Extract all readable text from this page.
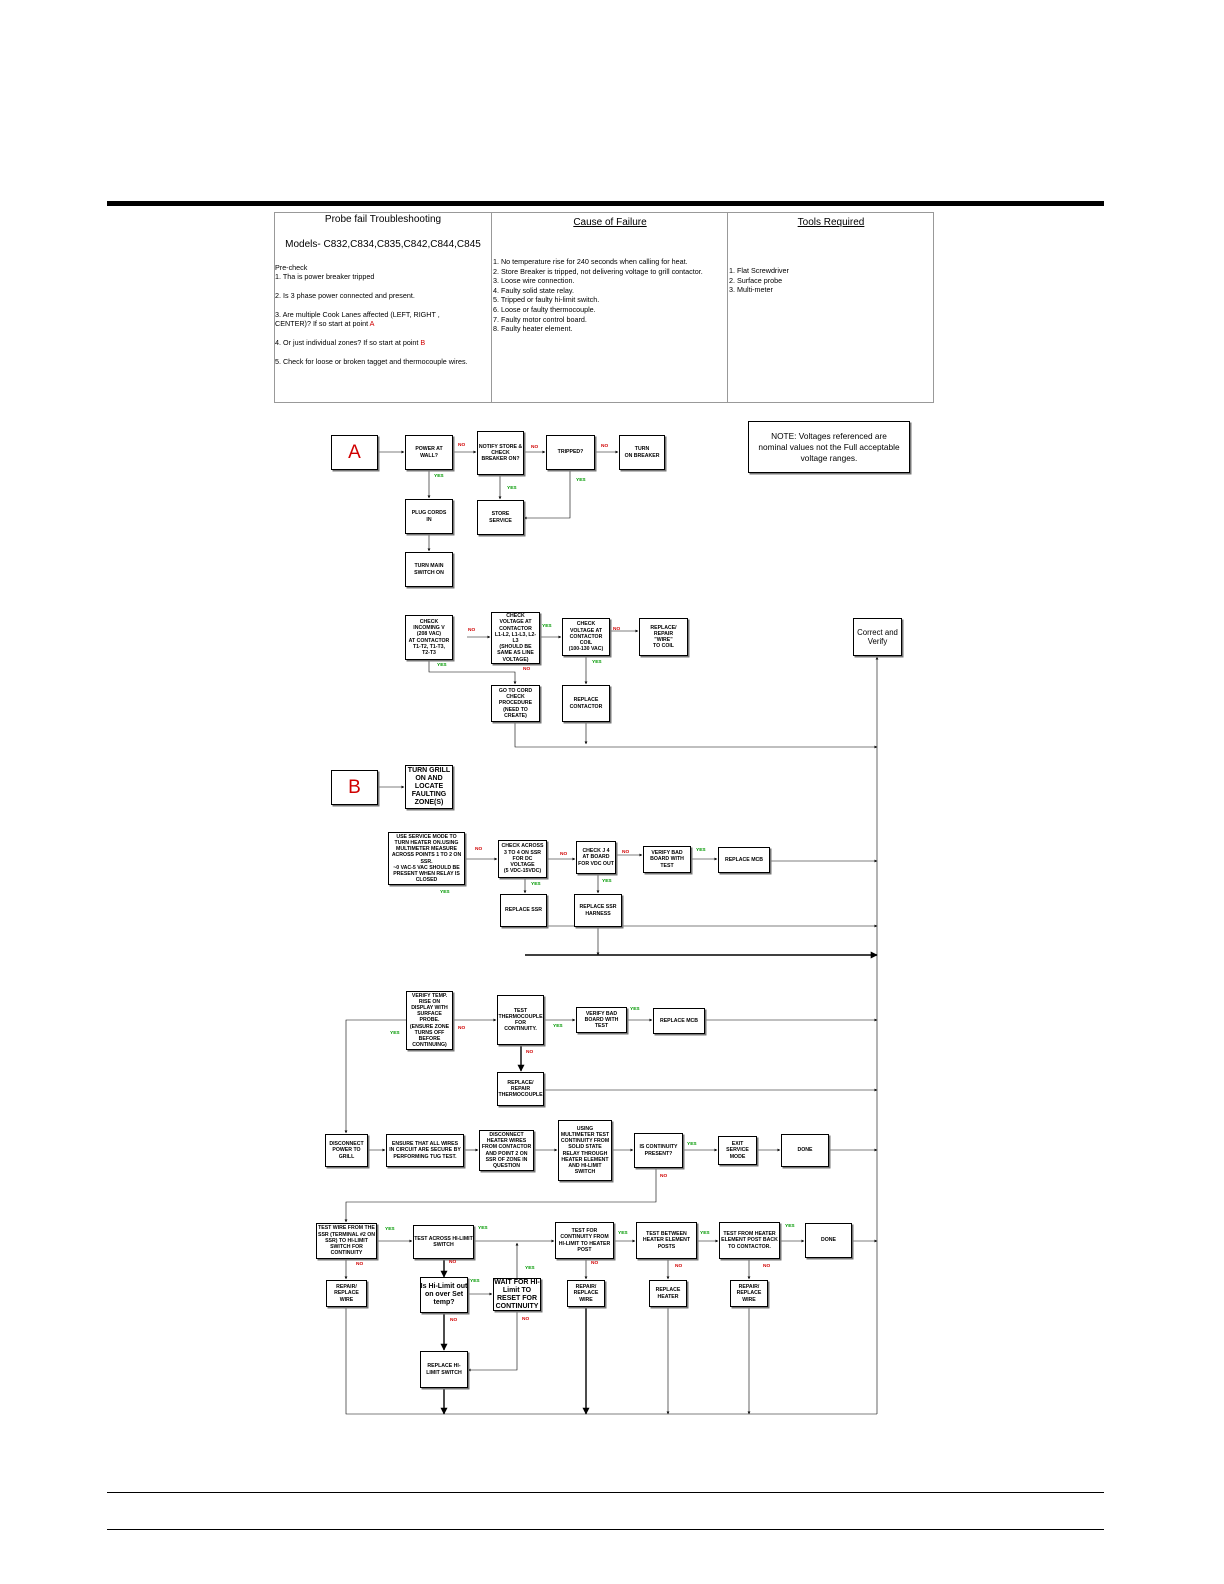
Probe fail Troubleshooting
Models- C832,C834,C835,C842,C844,C845
Pre-check
1. Tha is power breaker tripped
2. Is 3 phase power connected and present.
3. Are multiple Cook Lanes affected (LEFT, RIGHT ,
CENTER)? If so start at point A
4. Or just individual zones? If so start at point B
5. Check for loose or broken tagget and thermocouple wires.
Cause of Failure
1. No temperature rise for 240 seconds when calling for heat.
2. Store Breaker is tripped, not delivering voltage to grill contactor.
3. Loose wire connection.
4. Faulty solid state relay.
5. Tripped or faulty hi-limit switch.
6. Loose or faulty thermocouple.
7. Faulty motor control board.
8. Faulty heater element.
Tools Required
1. Flat Screwdriver
2. Surface probe
3. Multi-meter
A
B
NOTE: Voltages referenced are
nominal values not the Full acceptable
voltage ranges.
POWER AT
WALL?
NOTIFY STORE &
CHECK
BREAKER ON?
TRIPPED?
TURN
ON BREAKER
PLUG CORDS
IN
STORE
SERVICE
TURN MAIN
SWITCH ON
CHECK
INCOMING V
(208 VAC)
AT CONTACTOR
T1-T2, T1-T3,
T2-T3
CHECK
VOLTAGE AT
CONTACTOR
L1-L2, L1-L3, L2-
L3
(SHOULD BE
SAME AS LINE
VOLTAGE)
CHECK
VOLTAGE AT
CONTACTOR
COIL
(100-130 VAC)
REPLACE/
REPAIR
"WIRE"
TO COIL
Correct and
Verify
GO TO CORD
CHECK
PROCEDURE
(NEED TO
CREATE)
REPLACE
CONTACTOR
TURN GRILL
ON AND
LOCATE
FAULTING
ZONE(S)
USE SERVICE MODE TO
TURN HEATER ON.USING
MULTIMETER MEASURE
ACROSS POINTS 1 TO 2 ON
SSR.
~0 VAC-5 VAC SHOULD BE
PRESENT WHEN RELAY IS
CLOSED
CHECK ACROSS
3 TO 4 ON SSR
FOR DC
VOLTAGE
(5 VDC-15VDC)
CHECK J 4
AT BOARD
FOR VDC OUT
VERIFY BAD
BOARD WITH
TEST
REPLACE MCB
REPLACE SSR
REPLACE SSR
HARNESS
VERIFY TEMP.
RISE ON
DISPLAY WITH
SURFACE
PROBE.
(ENSURE ZONE
TURNS OFF
BEFORE
CONTINUING)
TEST
THERMOCOUPLE
FOR
CONTINUITY.
VERIFY BAD
BOARD WITH
TEST
REPLACE MCB
REPLACE/
REPAIR
THERMOCOUPLE
DISCONNECT
POWER TO
GRILL
ENSURE THAT ALL WIRES
IN CIRCUIT ARE SECURE BY
PERFORMING TUG TEST.
DISCONNECT
HEATER WIRES
FROM CONTACTOR
AND POINT 2 ON
SSR OF ZONE IN
QUESTION
USING
MULTIMETER TEST
CONTINUITY FROM
SOLID STATE
RELAY THROUGH
HEATER ELEMENT
AND HI-LIMIT
SWITCH
IS CONTINUITY
PRESENT?
EXIT
SERVICE
MODE
DONE
TEST WIRE FROM THE
SSR (TERMINAL #2 ON
SSR) TO HI-LIMIT
SWITCH FOR
CONTINUITY
TEST ACROSS HI-LIMIT
SWITCH
TEST FOR
CONTINUITY FROM
HI-LIMIT TO HEATER
POST
TEST BETWEEN
HEATER ELEMENT
POSTS
TEST FROM HEATER
ELEMENT POST BACK
TO CONTACTOR.
DONE
REPAIR/
REPLACE
WIRE
Is Hi-Limit out
on over Set
temp?
WAIT FOR HI-
Limit TO
RESET FOR
CONTINUITY
REPAIR/
REPLACE
WIRE
REPLACE
HEATER
REPAIR/
REPLACE
WIRE
REPLACE HI-
LIMIT SWITCH
NO	NO	NO
YES
YES
YES
NO
YES
NO
YES
NO
YES
NO
NO	NO	YES
YES
YES
YES
YES
NO	YES
YES
NO
YES
NO
YES	YES
YES	YES
YES
NO	NO	NO
NO	NO
YES
YES
NO	NO
